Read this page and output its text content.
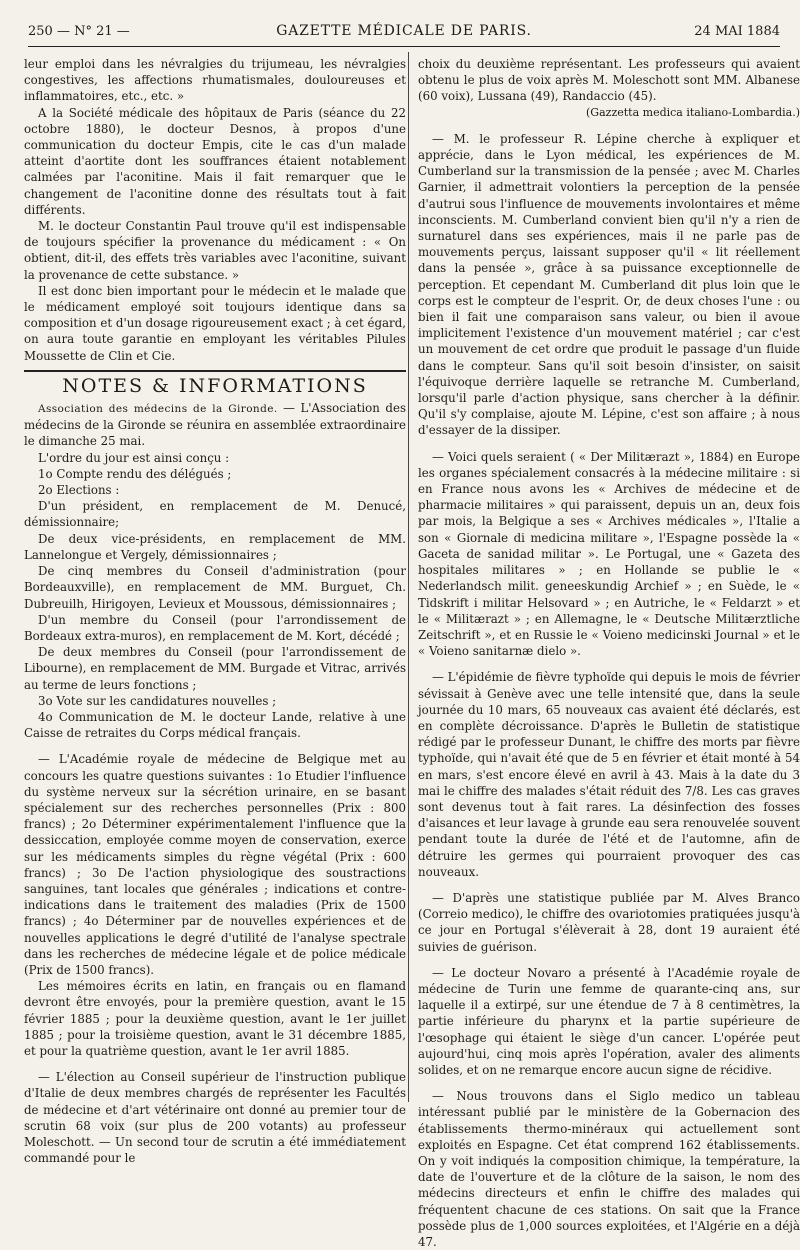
250 — N° 21 —	GAZETTE MÉDICALE DE PARIS.	24 MAI 1884

leur emploi dans les névralgies du trijumeau, les névralgies congestives, les affections rhumatismales, douloureuses et inflammatoires, etc., etc. »

A la Société médicale des hôpitaux de Paris (séance du 22 octobre 1880), le docteur Desnos, à propos d'une communication du docteur Empis, cite le cas d'un malade atteint d'aortite dont les souffrances étaient notablement calmées par l'aconitine. Mais il fait remarquer que le changement de l'aconitine donne des résultats tout à fait différents.

M. le docteur Constantin Paul trouve qu'il est indispensable de toujours spécifier la provenance du médicament : « On obtient, dit-il, des effets très variables avec l'aconitine, suivant la provenance de cette substance. »

Il est donc bien important pour le médecin et le malade que le médicament employé soit toujours identique dans sa composition et d'un dosage rigoureusement exact ; à cet égard, on aura toute garantie en employant les véritables Pilules Moussette de Clin et Cie.

NOTES & INFORMATIONS

Association des médecins de la Gironde. — L'Association des médecins de la Gironde se réunira en assemblée extraordinaire le dimanche 25 mai.

L'ordre du jour est ainsi conçu :

1o Compte rendu des délégués ;

2o Elections :

D'un président, en remplacement de M. Denucé, démissionnaire;

De deux vice-présidents, en remplacement de MM. Lannelongue et Vergely, démissionnaires ;

De cinq membres du Conseil d'administration (pour Bordeauxville), en remplacement de MM. Burguet, Ch. Dubreuilh, Hirigoyen, Levieux et Moussous, démissionnaires ;

D'un membre du Conseil (pour l'arrondissement de Bordeaux extra-muros), en remplacement de M. Kort, décédé ;

De deux membres du Conseil (pour l'arrondissement de Libourne), en remplacement de MM. Burgade et Vitrac, arrivés au terme de leurs fonctions ;

3o Vote sur les candidatures nouvelles ;

4o Communication de M. le docteur Lande, relative à une Caisse de retraites du Corps médical français.

— L'Académie royale de médecine de Belgique met au concours les quatre questions suivantes : 1o Etudier l'influence du système nerveux sur la sécrétion urinaire, en se basant spécialement sur des recherches personnelles (Prix : 800 francs) ; 2o Déterminer expérimentalement l'influence que la dessiccation, employée comme moyen de conservation, exerce sur les médicaments simples du règne végétal (Prix : 600 francs) ; 3o De l'action physiologique des soustractions sanguines, tant locales que générales ; indications et contre-indications dans le traitement des maladies (Prix de 1500 francs) ; 4o Déterminer par de nouvelles expériences et de nouvelles applications le degré d'utilité de l'analyse spectrale dans les recherches de médecine légale et de police médicale (Prix de 1500 francs).

Les mémoires écrits en latin, en français ou en flamand devront être envoyés, pour la première question, avant le 15 février 1885 ; pour la deuxième question, avant le 1er juillet 1885 ; pour la troisième question, avant le 31 décembre 1885, et pour la quatrième question, avant le 1er avril 1885.

— L'élection au Conseil supérieur de l'instruction publique d'Italie de deux membres chargés de représenter les Facultés de médecine et d'art vétérinaire ont donné au premier tour de scrutin 68 voix (sur plus de 200 votants) au professeur Moleschott. — Un second tour de scrutin a été immédiatement commandé pour le

choix du deuxième représentant. Les professeurs qui avaient obtenu le plus de voix après M. Moleschott sont MM. Albanese (60 voix), Lussana (49), Randaccio (45).

(Gazzetta medica italiano-Lombardia.)

— M. le professeur R. Lépine cherche à expliquer et apprécie, dans le Lyon médical, les expériences de M. Cumberland sur la transmission de la pensée ; avec M. Charles Garnier, il admettrait volontiers la perception de la pensée d'autrui sous l'influence de mouvements involontaires et même inconscients. M. Cumberland convient bien qu'il n'y a rien de surnaturel dans ses expériences, mais il ne parle pas de mouvements perçus, laissant supposer qu'il « lit réellement dans la pensée », grâce à sa puissance exceptionnelle de perception. Et cependant M. Cumberland dit plus loin que le corps est le compteur de l'esprit. Or, de deux choses l'une : ou bien il fait une comparaison sans valeur, ou bien il avoue implicitement l'existence d'un mouvement matériel ; car c'est un mouvement de cet ordre que produit le passage d'un fluide dans le compteur. Sans qu'il soit besoin d'insister, on saisit l'équivoque derrière laquelle se retranche M. Cumberland, lorsqu'il parle d'action physique, sans chercher à la définir. Qu'il s'y complaise, ajoute M. Lépine, c'est son affaire ; à nous d'essayer de la dissiper.

— Voici quels seraient ( « Der Militærazt », 1884) en Europe les organes spécialement consacrés à la médecine militaire : si en France nous avons les « Archives de médecine et de pharmacie militaires » qui paraissent, depuis un an, deux fois par mois, la Belgique a ses « Archives médicales », l'Italie a son « Giornale di medicina militare », l'Espagne possède la « Gaceta de sanidad militar ». Le Portugal, une « Gazeta des hospitales militares » ; en Hollande se publie le « Nederlandsch milit. geneeskundig Archief » ; en Suède, le « Tidskrift i militar Helsovard » ; en Autriche, le « Feldarzt » et le « Militærazt » ; en Allemagne, le « Deutsche Militærztliche Zeitschrift », et en Russie le « Voieno medicinski Journal » et le « Voieno sanitarnæ dielo ».

— L'épidémie de fièvre typhoïde qui depuis le mois de février sévissait à Genève avec une telle intensité que, dans la seule journée du 10 mars, 65 nouveaux cas avaient été déclarés, est en complète décroissance. D'après le Bulletin de statistique rédigé par le professeur Dunant, le chiffre des morts par fièvre typhoïde, qui n'avait été que de 5 en février et était monté à 54 en mars, s'est encore élevé en avril à 43. Mais à la date du 3 mai le chiffre des malades s'était réduit des 7/8. Les cas graves sont devenus tout à fait rares. La désinfection des fosses d'aisances et leur lavage à grunde eau sera renouvelée souvent pendant toute la durée de l'été et de l'automne, afin de détruire les germes qui pourraient provoquer des cas nouveaux.

— D'après une statistique publiée par M. Alves Branco (Correio medico), le chiffre des ovariotomies pratiquées jusqu'à ce jour en Portugal s'élèverait à 28, dont 19 auraient été suivies de guérison.

— Le docteur Novaro a présenté à l'Académie royale de médecine de Turin une femme de quarante-cinq ans, sur laquelle il a extirpé, sur une étendue de 7 à 8 centimètres, la partie inférieure du pharynx et la partie supérieure de l'œsophage qui étaient le siège d'un cancer. L'opérée peut aujourd'hui, cinq mois après l'opération, avaler des aliments solides, et on ne remarque encore aucun signe de récidive.

— Nous trouvons dans el Siglo medico un tableau intéressant publié par le ministère de la Gobernacion des établissements thermo-minéraux qui actuellement sont exploités en Espagne. Cet état comprend 162 établissements. On y voit indiqués la composition chimique, la température, la date de l'ouverture et de la clôture de la saison, le nom des médecins directeurs et enfin le chiffre des malades qui fréquentent chacune de ces stations. On sait que la France possède plus de 1,000 sources exploitées, et l'Algérie en a déjà 47.
